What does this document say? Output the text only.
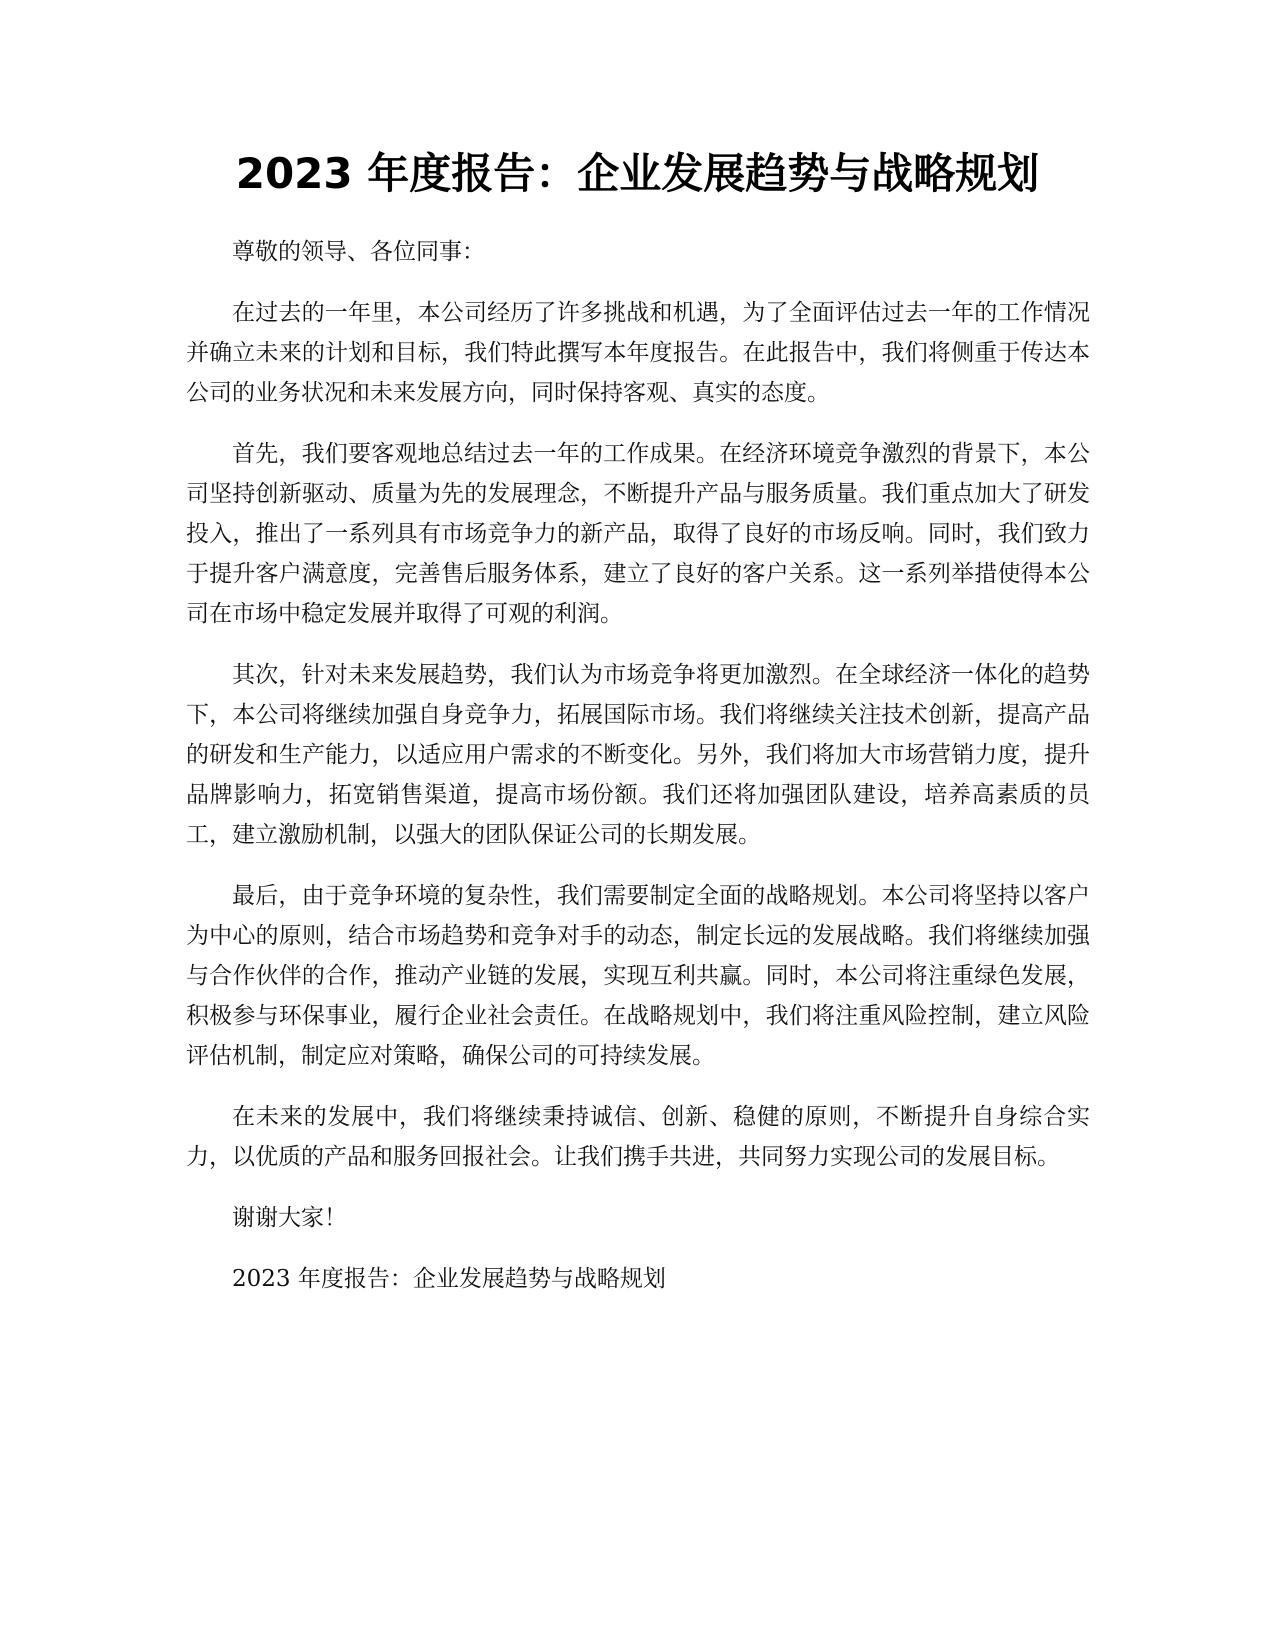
2023 年度报告：企业发展趋势与战略规划

尊敬的领导、各位同事：

在过去的一年里，本公司经历了许多挑战和机遇，为了全面评估过去一年的工作情况并确立未来的计划和目标，我们特此撰写本年度报告。在此报告中，我们将侧重于传达本公司的业务状况和未来发展方向，同时保持客观、真实的态度。

首先，我们要客观地总结过去一年的工作成果。在经济环境竞争激烈的背景下，本公司坚持创新驱动、质量为先的发展理念，不断提升产品与服务质量。我们重点加大了研发投入，推出了一系列具有市场竞争力的新产品，取得了良好的市场反响。同时，我们致力于提升客户满意度，完善售后服务体系，建立了良好的客户关系。这一系列举措使得本公司在市场中稳定发展并取得了可观的利润。

其次，针对未来发展趋势，我们认为市场竞争将更加激烈。在全球经济一体化的趋势下，本公司将继续加强自身竞争力，拓展国际市场。我们将继续关注技术创新，提高产品的研发和生产能力，以适应用户需求的不断变化。另外，我们将加大市场营销力度，提升品牌影响力，拓宽销售渠道，提高市场份额。我们还将加强团队建设，培养高素质的员工，建立激励机制，以强大的团队保证公司的长期发展。

最后，由于竞争环境的复杂性，我们需要制定全面的战略规划。本公司将坚持以客户为中心的原则，结合市场趋势和竞争对手的动态，制定长远的发展战略。我们将继续加强与合作伙伴的合作，推动产业链的发展，实现互利共赢。同时，本公司将注重绿色发展，积极参与环保事业，履行企业社会责任。在战略规划中，我们将注重风险控制，建立风险评估机制，制定应对策略，确保公司的可持续发展。

在未来的发展中，我们将继续秉持诚信、创新、稳健的原则，不断提升自身综合实力，以优质的产品和服务回报社会。让我们携手共进，共同努力实现公司的发展目标。

谢谢大家！

2023 年度报告：企业发展趋势与战略规划
